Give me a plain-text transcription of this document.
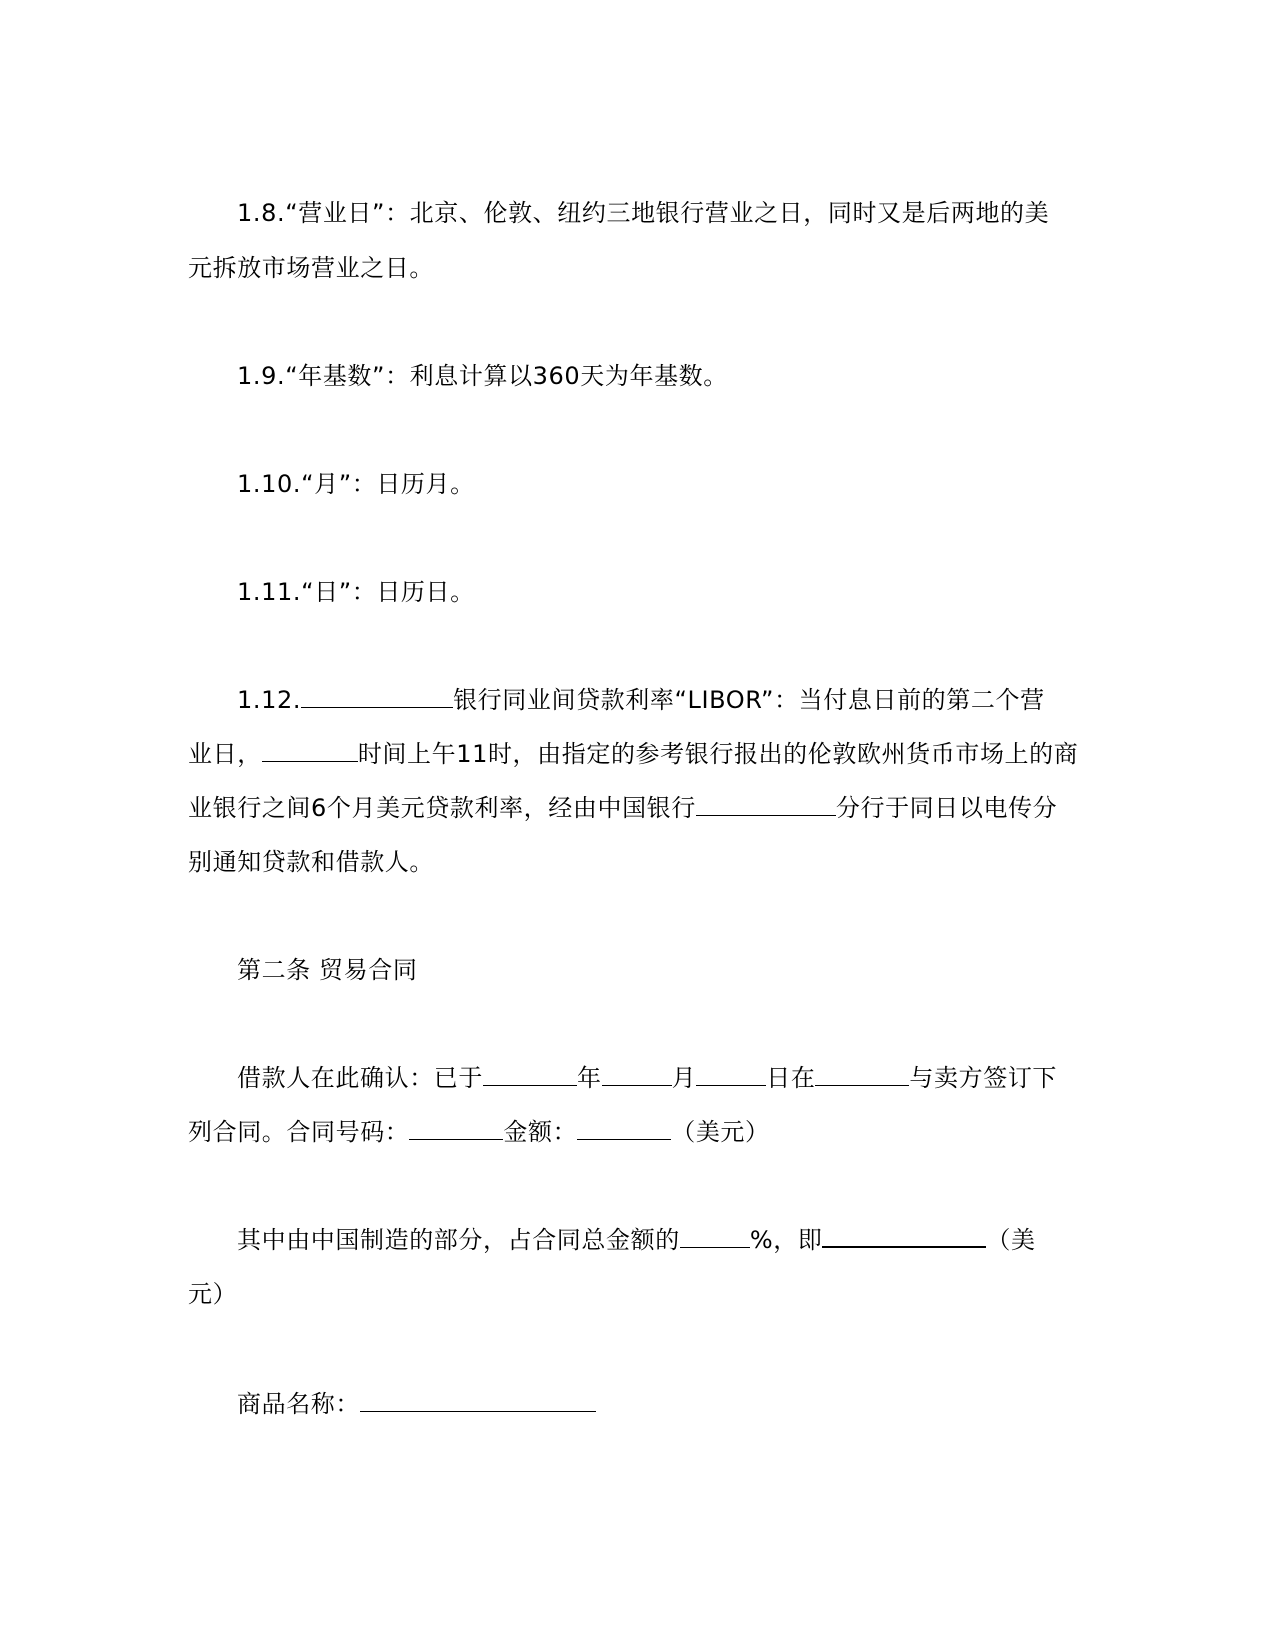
1.8.“营业日”：北京、伦敦、纽约三地银行营业之日，同时又是后两地的美
元拆放市场营业之日。
1.9.“年基数”：利息计算以360天为年基数。
1.10.“月”：日历月。
1.11.“日”：日历日。
1.12.	银行同业间贷款利率“LIBOR”：当付息日前的第二个营
业日，	时间上午11时，由指定的参考银行报出的伦敦欧州货币市场上的商
业银行之间6个月美元贷款利率，经由中国银行	分行于同日以电传分
别通知贷款和借款人。
第二条 贸易合同
借款人在此确认：已于	年	月	日在	与卖方签订下
列合同。合同号码：	金额：	（美元）
其中由中国制造的部分，占合同总金额的	%，即	（美
元）
商品名称：
